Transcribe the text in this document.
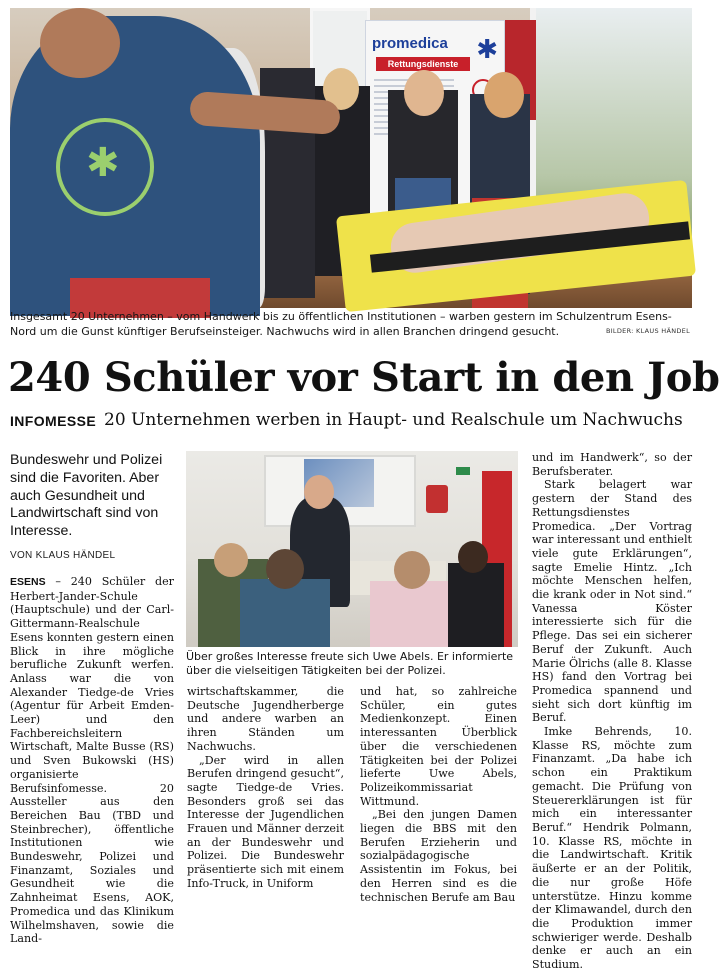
promedica ✱
Rettungsdienste
✱
Insgesamt 20 Unternehmen – vom Handwerk bis zu öffentlichen Institutionen – warben gestern im Schulzentrum Esens-
Nord um die Gunst künftiger Berufseinsteiger. Nachwuchs wird in allen Branchen dringend gesucht.	BILDER: KLAUS HÄNDEL
240 Schüler vor Start in den Job
INFOMESSE 20 Unternehmen werben in Haupt- und Realschule um Nachwuchs
Bundeswehr und Polizei sind die Favoriten. Aber auch Gesundheit und Landwirtschaft sind von Interesse.
VON KLAUS HÄNDEL

ESENS – 240 Schüler der Herbert-Jander-Schule (Hauptschule) und der Carl-Gittermann-Realschule Esens konnten gestern einen Blick in ihre mögliche berufliche Zukunft werfen. Anlass war die von Alexander Tiedge-de Vries (Agentur für Arbeit Emden-Leer) und den Fachbereichsleitern Wirtschaft, Malte Busse (RS) und Sven Bukowski (HS) organisierte Berufsinfomesse. 20 Aussteller aus den Bereichen Bau (TBD und Steinbrecher), öffentliche Institutionen wie Bundeswehr, Polizei und Finanzamt, Soziales und Gesundheit wie die Zahnheimat Esens, AOK, Promedica und das Klinikum Wilhelmshaven, sowie die Land-

Über großes Interesse freute sich Uwe Abels. Er informierte
über die vielseitigen Tätigkeiten bei der Polizei.

wirtschaftskammer, die Deutsche Jugendherberge und andere warben an ihren Ständen um Nachwuchs.

„Der wird in allen Berufen dringend gesucht“, sagte Tiedge-de Vries. Besonders groß sei das Interesse der Jugendlichen Frauen und Männer derzeit an der Bundeswehr und Polizei. Die Bundeswehr präsentierte sich mit einem Info-Truck, in Uniform

und hat, so zahlreiche Schüler, ein gutes Medienkonzept. Einen interessanten Überblick über die verschiedenen Tätigkeiten bei der Polizei lieferte Uwe Abels, Polizeikommissariat Wittmund.

„Bei den jungen Damen liegen die BBS mit den Berufen Erzieherin und sozialpädagogische Assistentin im Fokus, bei den Herren sind es die technischen Berufe am Bau

und im Handwerk“, so der Berufsberater.

Stark belagert war gestern der Stand des Rettungsdienstes Promedica. „Der Vortrag war interessant und enthielt viele gute Erklärungen“, sagte Emelie Hintz. „Ich möchte Menschen helfen, die krank oder in Not sind.“ Vanessa Köster interessierte sich für die Pflege. Das sei ein sicherer Beruf der Zukunft. Auch Marie Ölrichs (alle 8. Klasse HS) fand den Vortrag bei Promedica spannend und sieht sich dort künftig im Beruf.

Imke Behrends, 10. Klasse RS, möchte zum Finanzamt. „Da habe ich schon ein Praktikum gemacht. Die Prüfung von Steuererklärungen ist für mich ein interessanter Beruf.“ Hendrik Polmann, 10. Klasse RS, möchte in die Landwirtschaft. Kritik äußerte er an der Politik, die nur große Höfe unterstütze. Hinzu komme der Klimawandel, durch den die Produktion immer schwieriger werde. Deshalb denke er auch an ein Studium.
